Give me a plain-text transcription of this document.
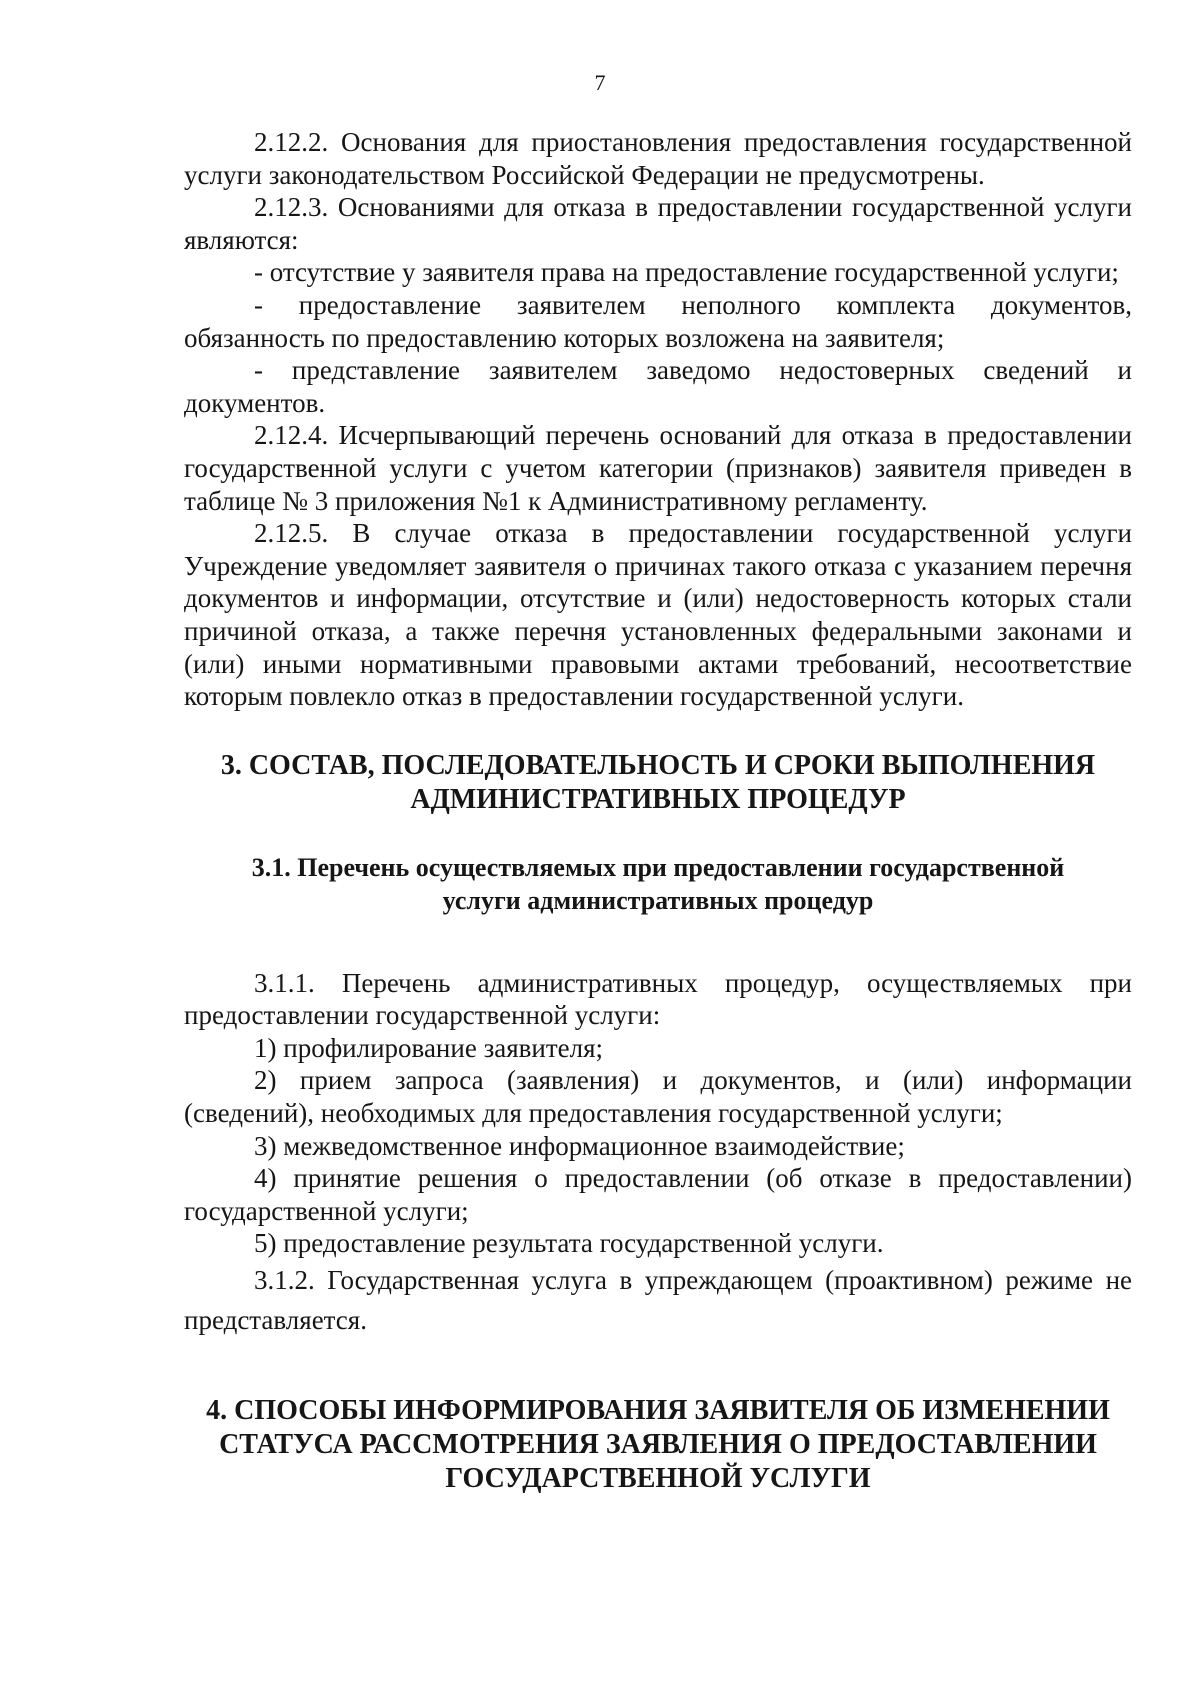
7

2.12.2. Основания для приостановления предоставления государственной услуги законодательством Российской Федерации не предусмотрены.

2.12.3. Основаниями для отказа в предоставлении государственной услуги являются:

- отсутствие у заявителя права на предоставление государственной услуги;

- предоставление заявителем неполного комплекта документов, обязанность по предоставлению которых возложена на заявителя;

- представление заявителем заведомо недостоверных сведений и документов.

2.12.4. Исчерпывающий перечень оснований для отказа в предоставлении государственной услуги с учетом категории (признаков) заявителя приведен в таблице № 3 приложения №1 к Административному регламенту.

2.12.5. В случае отказа в предоставлении государственной услуги Учреждение уведомляет заявителя о причинах такого отказа с указанием перечня документов и информации, отсутствие и (или) недостоверность которых стали причиной отказа, а также перечня установленных федеральными законами и (или) иными нормативными правовыми актами требований, несоответствие которым повлекло отказ в предоставлении государственной услуги.

3. СОСТАВ, ПОСЛЕДОВАТЕЛЬНОСТЬ И СРОКИ ВЫПОЛНЕНИЯ
АДМИНИСТРАТИВНЫХ ПРОЦЕДУР
3.1. Перечень осуществляемых при предоставлении государственной
услуги административных процедур

3.1.1. Перечень административных процедур, осуществляемых при предоставлении государственной услуги:

1) профилирование заявителя;

2) прием запроса (заявления) и документов, и (или) информации (сведений), необходимых для предоставления государственной услуги;

3) межведомственное информационное взаимодействие;

4) принятие решения о предоставлении (об отказе в предоставлении) государственной услуги;

5) предоставление результата государственной услуги.

3.1.2. Государственная услуга в упреждающем (проактивном) режиме не представляется.

4. СПОСОБЫ ИНФОРМИРОВАНИЯ ЗАЯВИТЕЛЯ ОБ ИЗМЕНЕНИИ
СТАТУСА РАССМОТРЕНИЯ ЗАЯВЛЕНИЯ О ПРЕДОСТАВЛЕНИИ
ГОСУДАРСТВЕННОЙ УСЛУГИ
